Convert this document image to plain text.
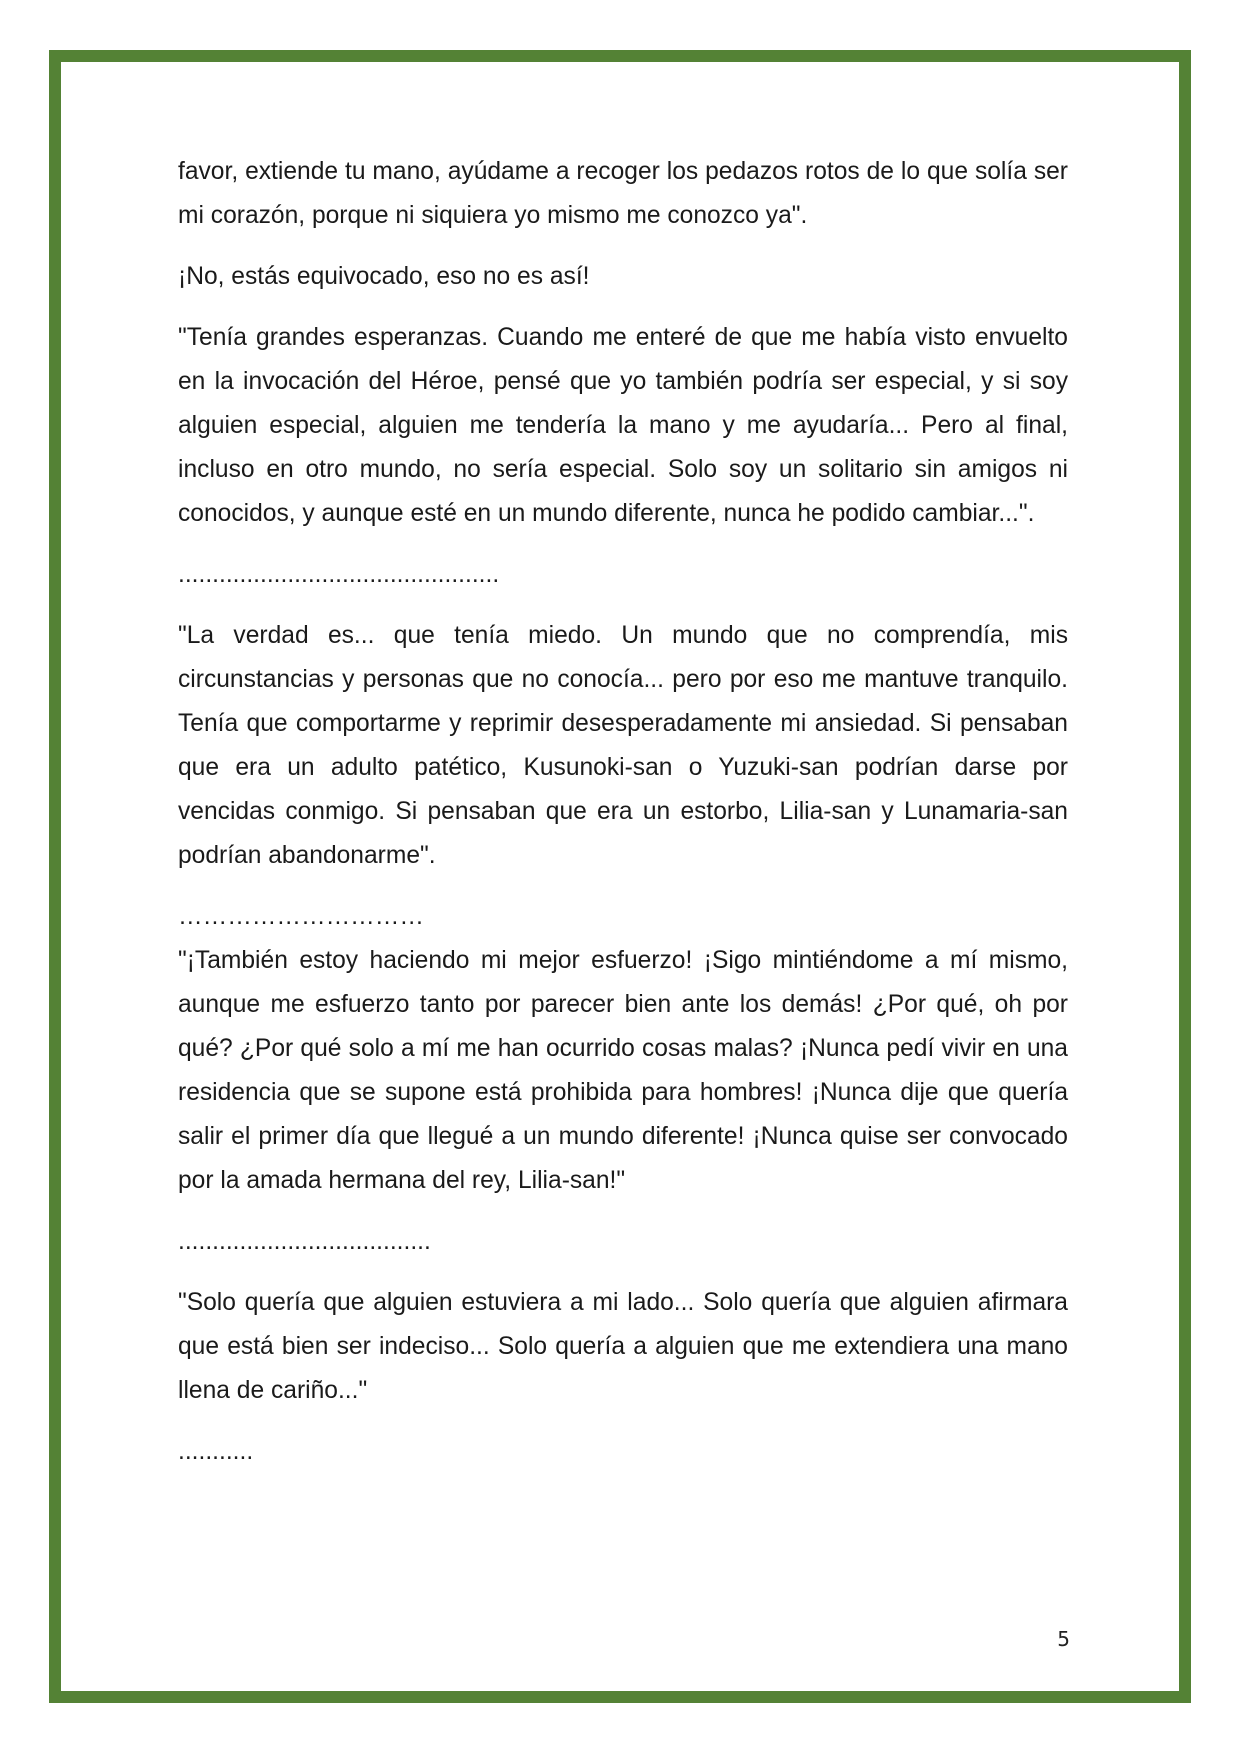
favor, extiende tu mano, ayúdame a recoger los pedazos rotos de lo que solía ser mi corazón, porque ni siquiera yo mismo me conozco ya".

¡No, estás equivocado, eso no es así!

"Tenía grandes esperanzas. Cuando me enteré de que me había visto envuelto en la invocación del Héroe, pensé que yo también podría ser especial, y si soy alguien especial, alguien me tendería la mano y me ayudaría... Pero al final, incluso en otro mundo, no sería especial. Solo soy un solitario sin amigos ni conocidos, y aunque esté en un mundo diferente, nunca he podido cambiar...".

...............................................

"La verdad es... que tenía miedo. Un mundo que no comprendía, mis circunstancias y personas que no conocía... pero por eso me mantuve tranquilo. Tenía que comportarme y reprimir desesperadamente mi ansiedad. Si pensaban que era un adulto patético, Kusunoki-san o Yuzuki-san podrían darse por vencidas conmigo. Si pensaban que era un estorbo, Lilia-san y Lunamaria-san podrían abandonarme".

…………………………

"¡También estoy haciendo mi mejor esfuerzo! ¡Sigo mintiéndome a mí mismo, aunque me esfuerzo tanto por parecer bien ante los demás! ¿Por qué, oh por qué? ¿Por qué solo a mí me han ocurrido cosas malas? ¡Nunca pedí vivir en una residencia que se supone está prohibida para hombres! ¡Nunca dije que quería salir el primer día que llegué a un mundo diferente! ¡Nunca quise ser convocado por la amada hermana del rey, Lilia-san!"

.....................................

"Solo quería que alguien estuviera a mi lado... Solo quería que alguien afirmara que está bien ser indeciso... Solo quería a alguien que me extendiera una mano llena de cariño..."

...........

5
